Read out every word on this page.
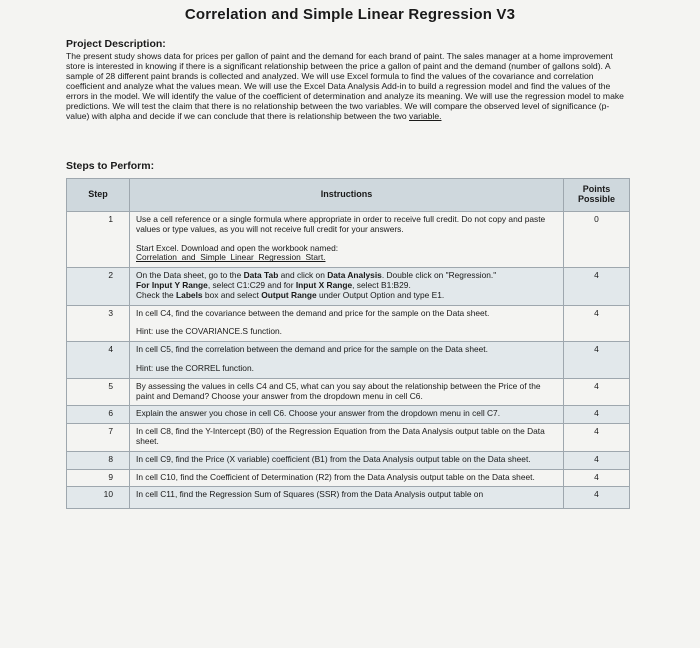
Correlation and Simple Linear Regression V3
Project Description:
The present study shows data for prices per gallon of paint and the demand for each brand of paint. The sales manager at a home improvement store is interested in knowing if there is a significant relationship between the price a gallon of paint and the demand (number of gallons sold). A sample of 28 different paint brands is collected and analyzed. We will use Excel formula to find the values of the covariance and correlation coefficient and analyze what the values mean. We will use the Excel Data Analysis Add-in to build a regression model and find the values of the errors in the model. We will identify the value of the coefficient of determination and analyze its meaning. We will use the regression model to make predictions. We will test the claim that there is no relationship between the two variables. We will compare the observed level of significance (p-value) with alpha and decide if we can conclude that there is relationship between the two variable.
Steps to Perform:
Step	Instructions	Points Possible
1	Use a cell reference or a single formula where appropriate in order to receive full credit. Do not copy and paste values or type values, as you will not receive full credit for your answers.
Start Excel. Download and open the workbook named:
Correlation_and_Simple_Linear_Regression_Start.	0
2	On the Data sheet, go to the Data Tab and click on Data Analysis. Double click on "Regression."
For Input Y Range, select C1:C29 and for Input X Range, select B1:B29.
Check the Labels box and select Output Range under Output Option and type E1.	4
3	In cell C4, find the covariance between the demand and price for the sample on the Data sheet.
Hint: use the COVARIANCE.S function.	4
4	In cell C5, find the correlation between the demand and price for the sample on the Data sheet.
Hint: use the CORREL function.	4
5	By assessing the values in cells C4 and C5, what can you say about the relationship between the Price of the paint and Demand? Choose your answer from the dropdown menu in cell C6.	4
6	Explain the answer you chose in cell C6. Choose your answer from the dropdown menu in cell C7.	4
7	In cell C8, find the Y-Intercept (B0) of the Regression Equation from the Data Analysis output table on the Data sheet.	4
8	In cell C9, find the Price (X variable) coefficient (B1) from the Data Analysis output table on the Data sheet.	4
9	In cell C10, find the Coefficient of Determination (R2) from the Data Analysis output table on the Data sheet.	4
10	In cell C11, find the Regression Sum of Squares (SSR) from the Data Analysis output table on	4
